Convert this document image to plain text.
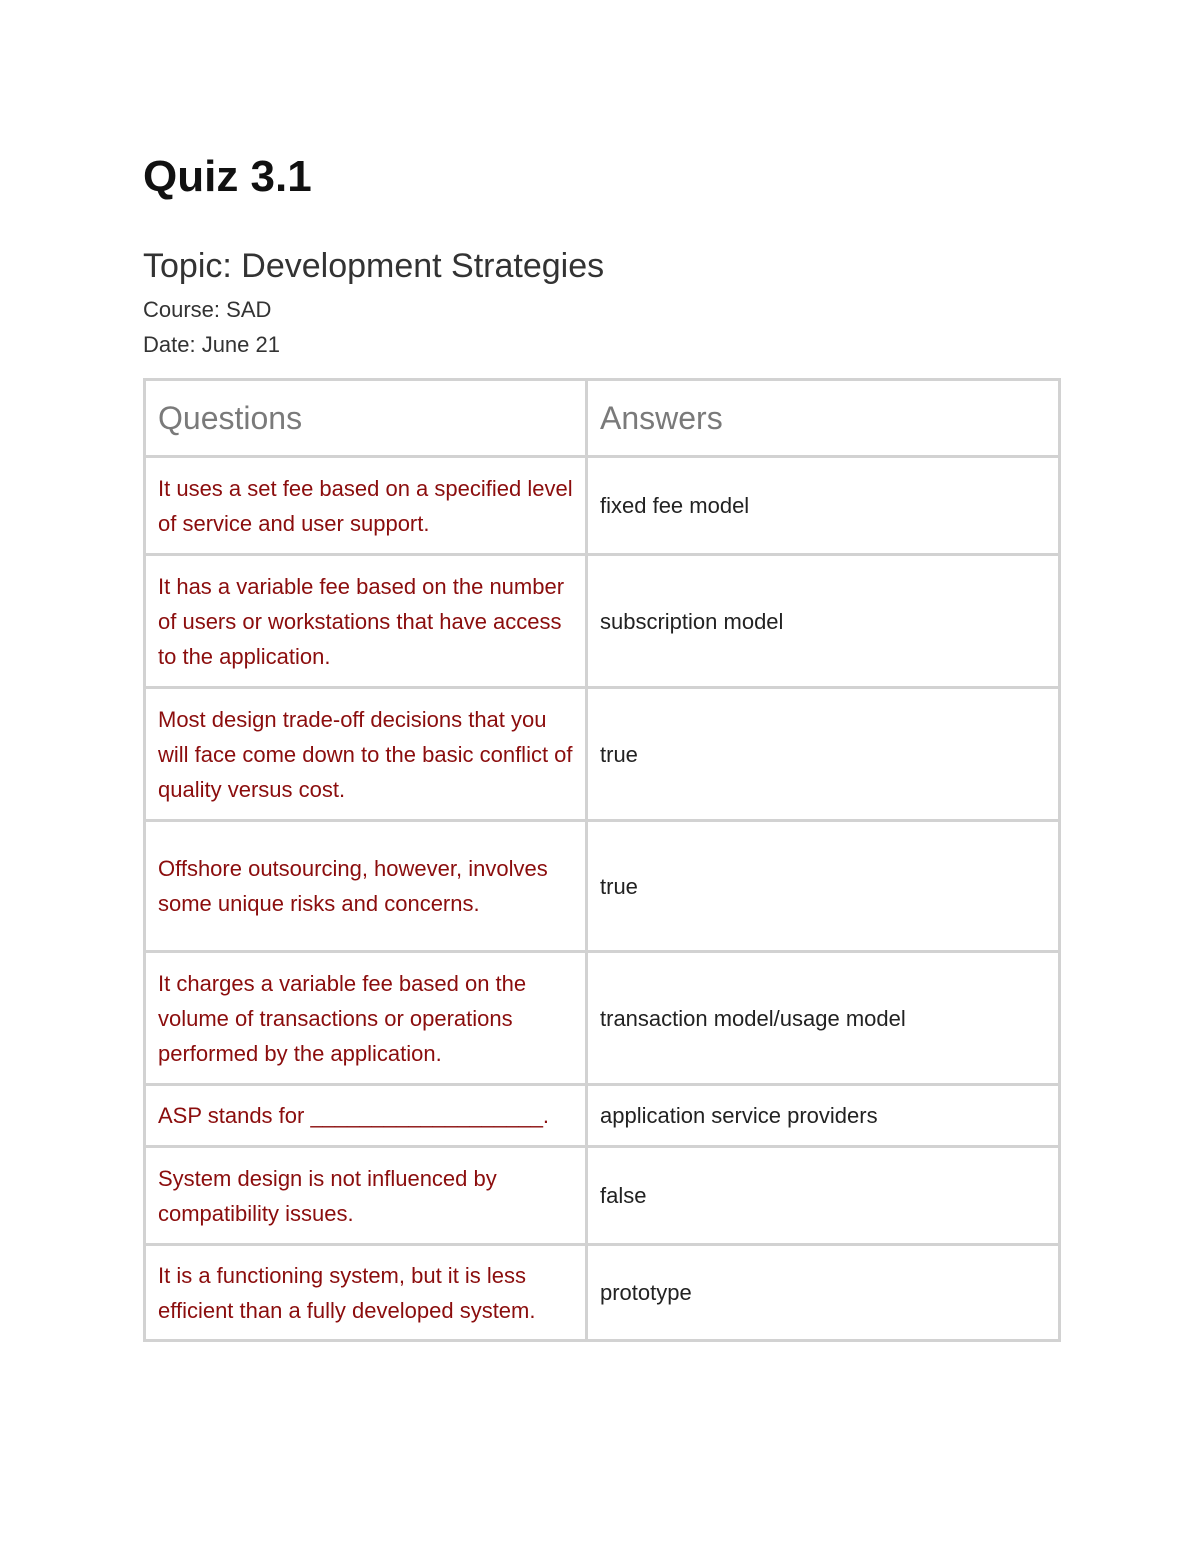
Quiz 3.1
Topic: Development Strategies
Course: SAD
Date: June 21
Questions	Answers
It uses a set fee based on a specified level of service and user support.	fixed fee model
It has a variable fee based on the number of users or workstations that have access to the application.	subscription model
Most design trade-off decisions that you will face come down to the basic conflict of quality versus cost.	true
Offshore outsourcing, however, involves some unique risks and concerns.	true
It charges a variable fee based on the volume of transactions or operations performed by the application.	transaction model/usage model
ASP stands for ___________________.	application service providers
System design is not influenced by compatibility issues.	false
It is a functioning system, but it is less efficient than a fully developed system.	prototype
